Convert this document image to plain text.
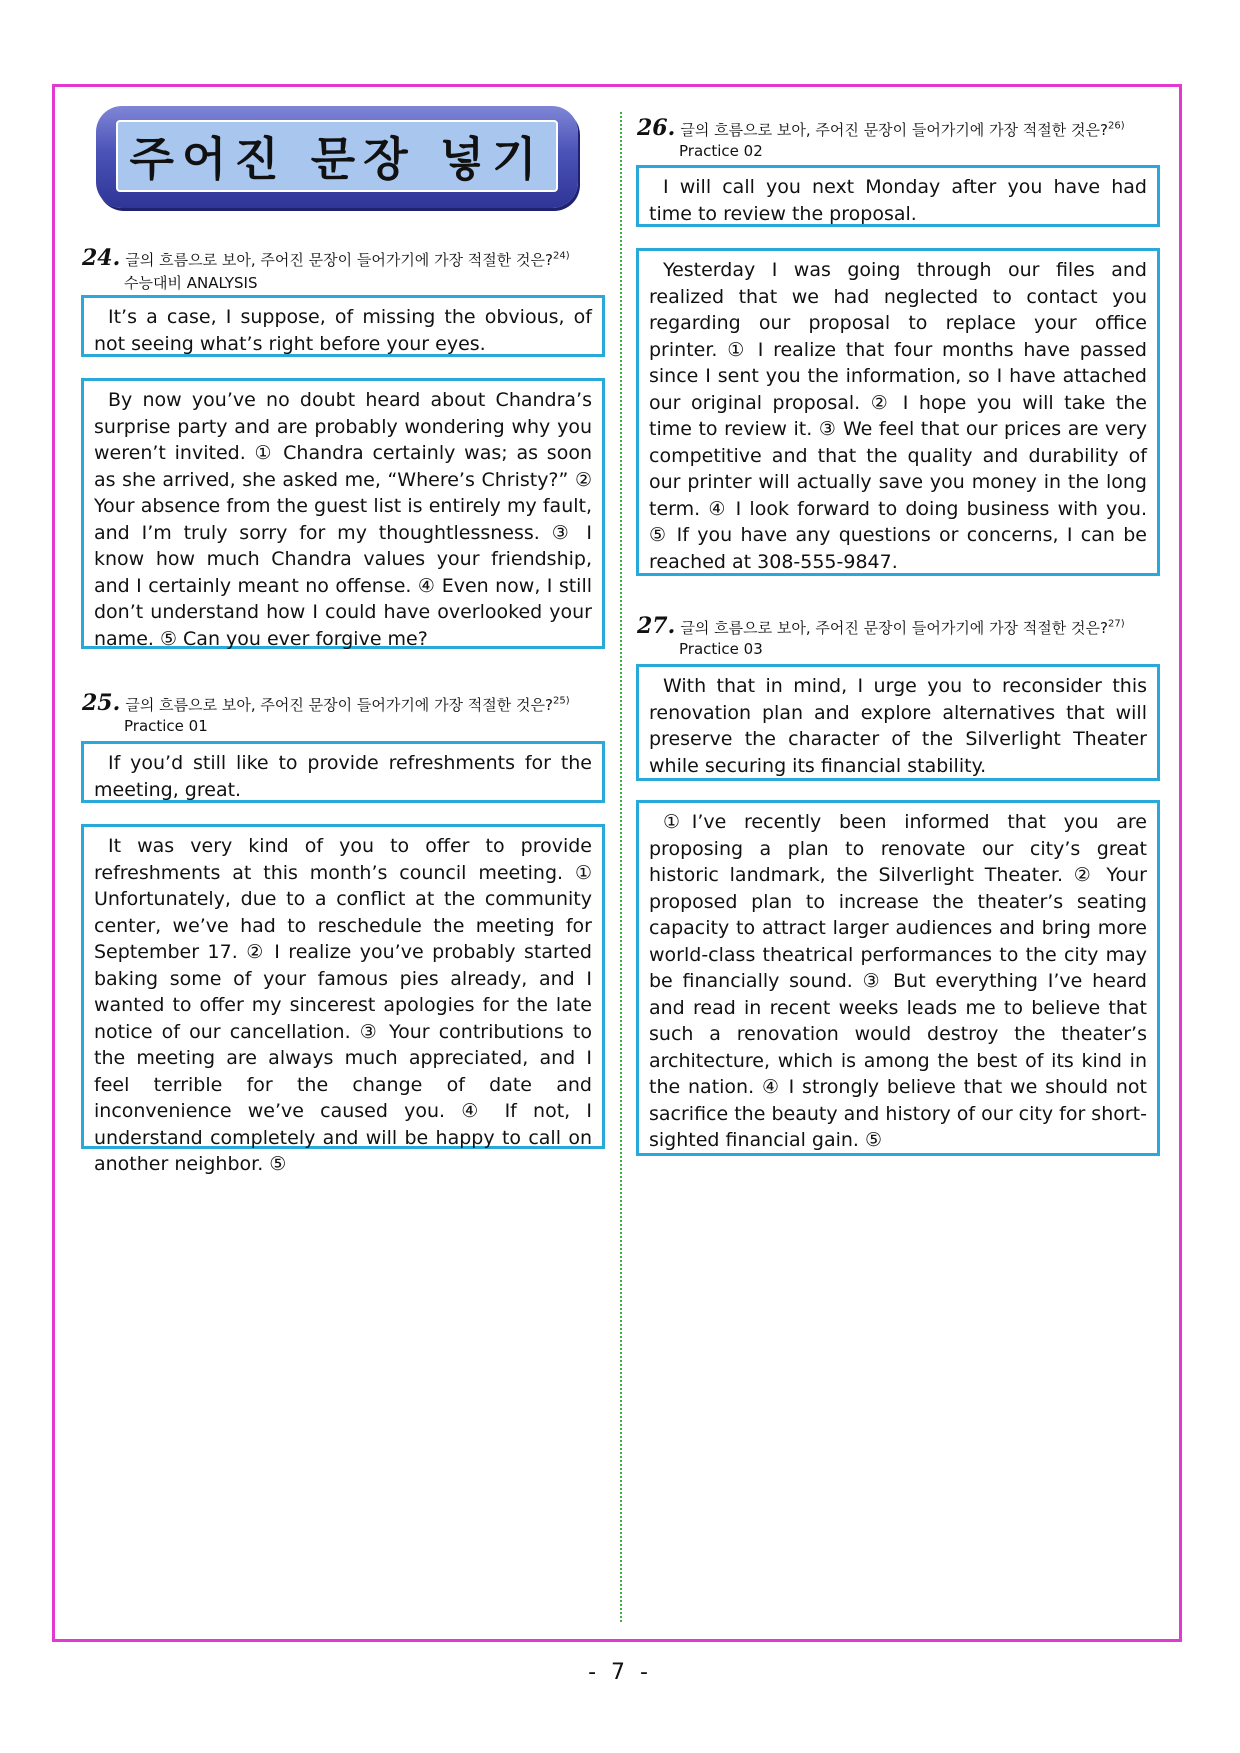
주어진 문장 넣기
24. 글의 흐름으로 보아, 주어진 문장이 들어가기에 가장 적절한 것은?$^{24)}$
수능대비 ANALYSIS

It’s a case, I suppose, of missing the obvious, of not seeing what’s right before your eyes.

By now you’ve no doubt heard about Chandra’s surprise party and are probably wondering why you weren’t invited. ① Chandra certainly was; as soon as she arrived, she asked me, “Where’s Christy?” ② Your absence from the guest list is entirely my fault, and I’m truly sorry for my thoughtlessness. ③ I know how much Chandra values your friendship, and I certainly meant no offense. ④ Even now, I still don’t understand how I could have overlooked your name. ⑤ Can you ever forgive me?

25. 글의 흐름으로 보아, 주어진 문장이 들어가기에 가장 적절한 것은?$^{25)}$
Practice 01

If you’d still like to provide refreshments for the meeting, great.

It was very kind of you to offer to provide refreshments at this month’s council meeting. ① Unfortunately, due to a conflict at the community center, we’ve had to reschedule the meeting for September 17. ② I realize you’ve probably started baking some of your famous pies already, and I wanted to offer my sincerest apologies for the late notice of our cancellation. ③ Your contributions to the meeting are always much appreciated, and I feel terrible for the change of date and inconvenience we’ve caused you. ④ If not, I understand completely and will be happy to call on another neighbor. ⑤

26. 글의 흐름으로 보아, 주어진 문장이 들어가기에 가장 적절한 것은?$^{26)}$
Practice 02

I will call you next Monday after you have had time to review the proposal.

Yesterday I was going through our files and realized that we had neglected to contact you regarding our proposal to replace your office printer. ① I realize that four months have passed since I sent you the information, so I have attached our original proposal. ② I hope you will take the time to review it. ③ We feel that our prices are very competitive and that the quality and durability of our printer will actually save you money in the long term. ④ I look forward to doing business with you. ⑤ If you have any questions or concerns, I can be reached at 308-555-9847.

27. 글의 흐름으로 보아, 주어진 문장이 들어가기에 가장 적절한 것은?$^{27)}$
Practice 03

With that in mind, I urge you to reconsider this renovation plan and explore alternatives that will preserve the character of the Silverlight Theater while securing its financial stability.

①I’ve recently been informed that you are proposing a plan to renovate our city’s great historic landmark, the Silverlight Theater. ② Your proposed plan to increase the theater’s seating capacity to attract larger audiences and bring more world-class theatrical performances to the city may be financially sound. ③ But everything I’ve heard and read in recent weeks leads me to believe that such a renovation would destroy the theater’s architecture, which is among the best of its kind in the nation. ④ I strongly believe that we should not sacrifice the beauty and history of our city for short-sighted financial gain. ⑤

- 7 -
